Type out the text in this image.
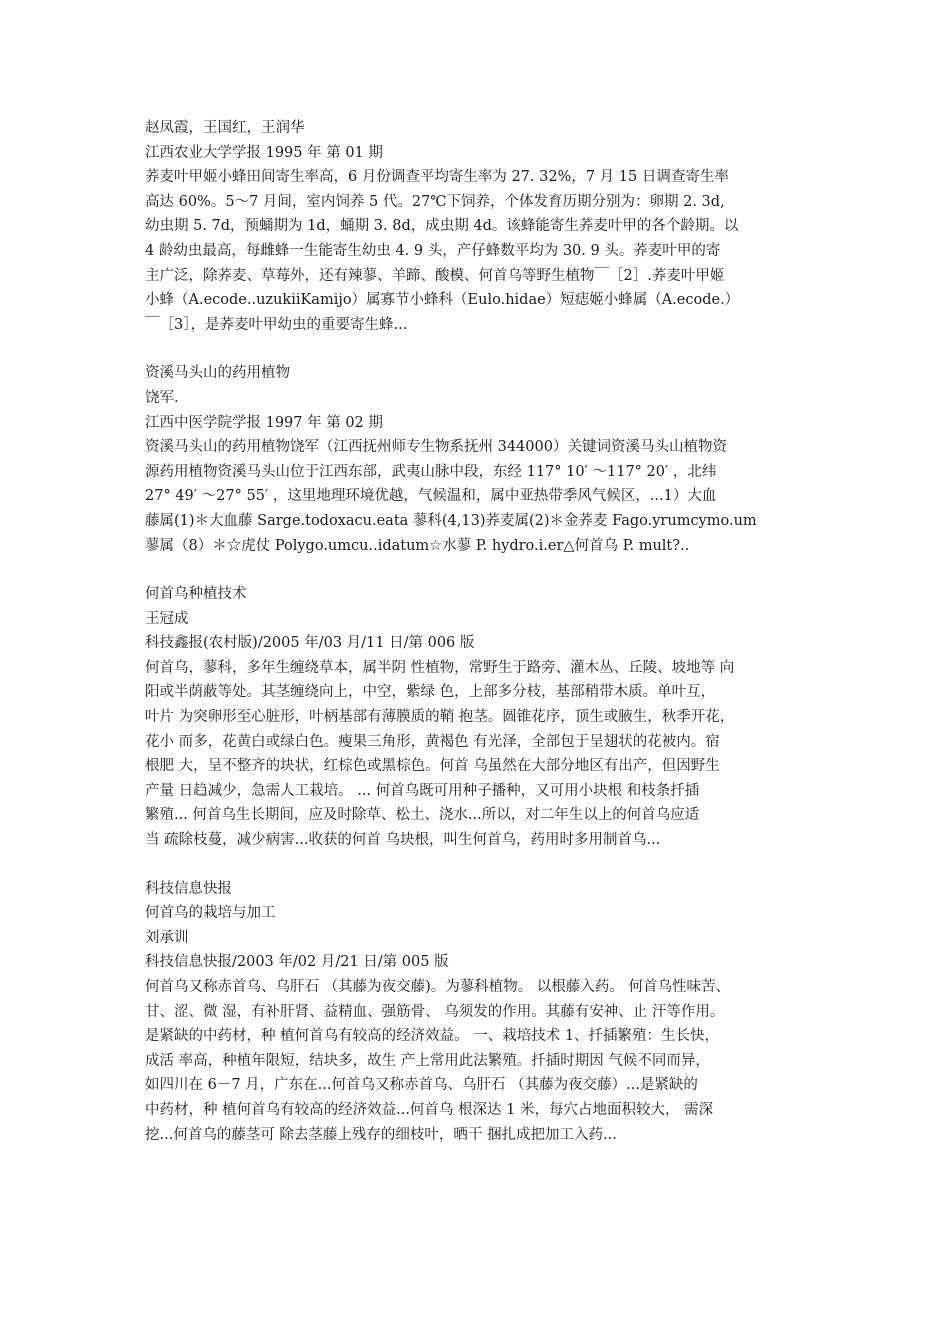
赵凤霞，王国红，王润华
江西农业大学学报 1995 年 第 01 期
荞麦叶甲姬小蜂田间寄生率高，6 月份调查平均寄生率为 27. 32%，7 月 15 日调查寄生率
高达 60%。5～7 月间，室内饲养 5 代。27℃下饲养，个体发育历期分别为：卵期 2. 3d,
幼虫期 5. 7d，预蛹期为 1d，蛹期 3. 8d，成虫期 4d。该蜂能寄生荞麦叶甲的各个龄期。以
4 龄幼虫最高，每雌蜂一生能寄生幼虫 4. 9 头，产仔蜂数平均为 30. 9 头。荞麦叶甲的寄
主广泛，除荞麦、草莓外，还有辣蓼、羊蹄、酸模、何首乌等野生植物￣［2］.荞麦叶甲姬
小蜂（A.ecode..uzukiiKamijo）属寡节小蜂科（Eulo.hidae）短痣姬小蜂属（A.ecode.）
￣［3］，是荞麦叶甲幼虫的重要寄生蜂...
资溪马头山的药用植物
饶军.
江西中医学院学报 1997 年 第 02 期
资溪马头山的药用植物饶军（江西抚州师专生物系抚州 344000）关键词资溪马头山植物资
源药用植物资溪马头山位于江西东部，武夷山脉中段，东经 117° 10′ ～117° 20′ ，北纬
27° 49′ ～27° 55′ ，这里地理环境优越，气候温和，属中亚热带季风气候区，...1）大血
藤属(1)＊大血藤 Sarge.todoxacu.eata 蓼科(4,13)荞麦属(2)＊金荞麦 Fago.yrumcymo.um
蓼属（8）＊☆虎仗 Polygo.umcu..idatum☆水蓼 P. hydro.i.er△何首乌 P. mult?..
何首乌种植技术
王冠成
科技鑫报(农村版)/2005 年/03 月/11 日/第 006 版
何首乌，蓼科，多年生缠绕草本，属半阴 性植物，常野生于路旁、灌木丛、丘陵、坡地等 向
阳或半荫蔽等处。其茎缠绕向上，中空，紫绿 色，上部多分枝，基部稍带木质。单叶互，
叶片 为突卵形至心脏形，叶柄基部有薄膜质的鞘 抱茎。圆锥花序，顶生或腋生，秋季开花，
花小 而多，花黄白或绿白色。瘦果三角形，黄褐色 有光泽，全部包于呈翅状的花被内。宿
根肥 大，呈不整齐的块状，红棕色或黑棕色。何首 乌虽然在大部分地区有出产，但因野生
产量 日趋减少，急需人工栽培。 ... 何首乌既可用种子播种，又可用小块根 和枝条扦插
繁殖... 何首乌生长期间，应及时除草、松土、浇水...所以，对二年生以上的何首乌应适
当 疏除枝蔓，减少病害...收获的何首 乌块根，叫生何首乌，药用时多用制首乌...
科技信息快报
何首乌的栽培与加工
刘承训
科技信息快报/2003 年/02 月/21 日/第 005 版
何首乌又称赤首乌、乌肝石 （其藤为夜交藤)。为蓼科植物。 以根藤入药。 何首乌性味苦、
甘、涩、微 湿，有补肝肾、益精血、强筋骨、 乌须发的作用。其藤有安神、止 汗等作用。
是紧缺的中药材，种 植何首乌有较高的经济效益。 一、栽培技术 1、扦插繁殖：生长快，
成活 率高，种植年限短，结块多，故生 产上常用此法繁殖。扦插时期因 气候不同而异，
如四川在 6－7 月，广东在...何首乌又称赤首乌、乌肝石 （其藤为夜交藤）...是紧缺的
中药材，种 植何首乌有较高的经济效益...何首乌 根深达 1 米，每穴占地面积较大， 需深
挖...何首乌的藤茎可 除去茎藤上残存的细枝叶，晒干 捆扎成把加工入药...
